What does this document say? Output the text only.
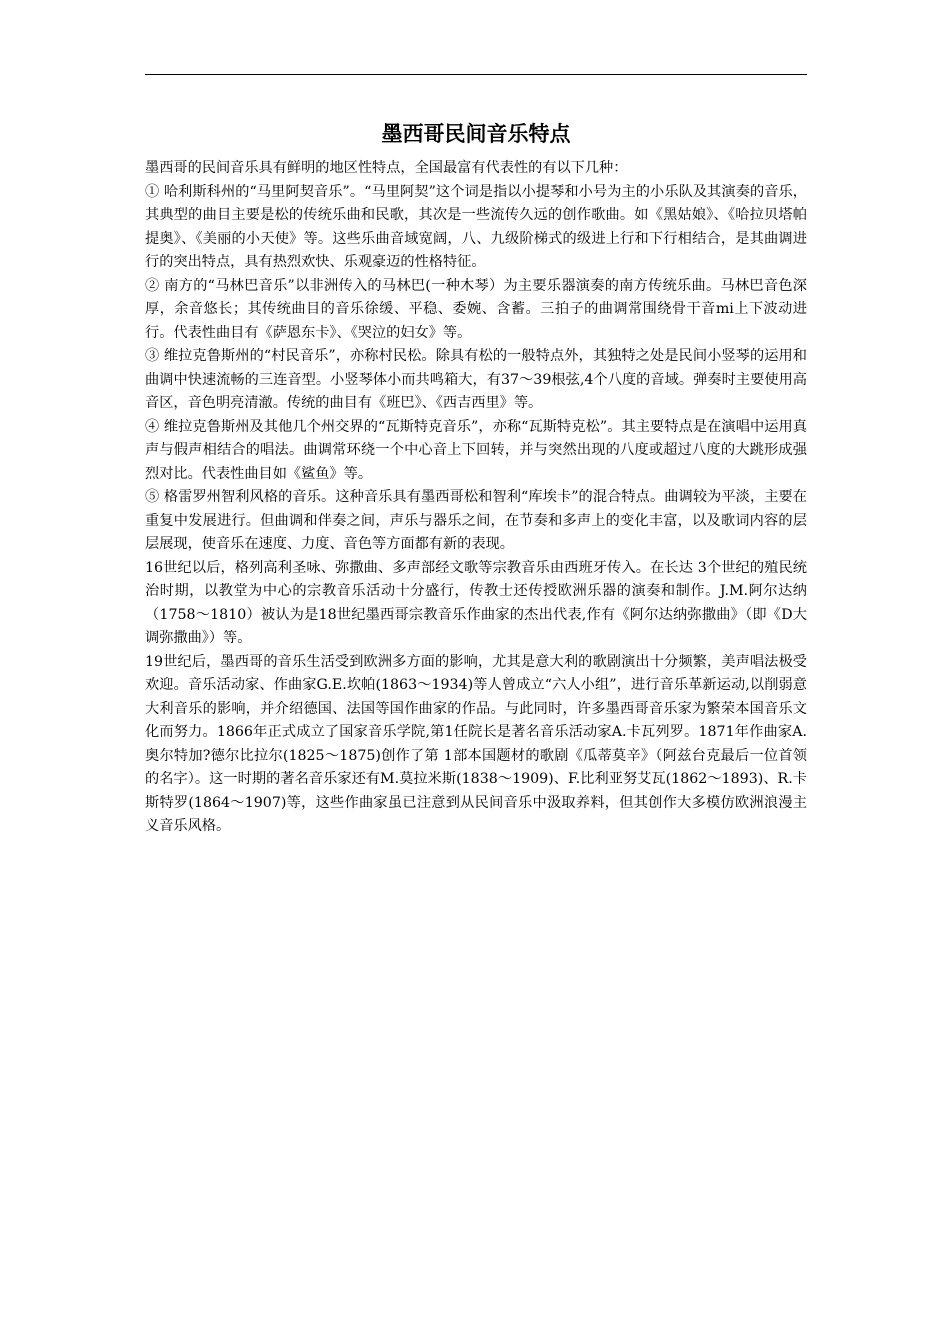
墨西哥民间音乐特点

墨西哥的民间音乐具有鲜明的地区性特点，全国最富有代表性的有以下几种：

① 哈利斯科州的“马里阿契音乐”。“马里阿契”这个词是指以小提琴和小号为主的小乐队及其演奏的音乐，其典型的曲目主要是松的传统乐曲和民歌，其次是一些流传久远的创作歌曲。如《黑姑娘》、《哈拉贝塔帕提奥》、《美丽的小天使》等。这些乐曲音域宽阔，八、九级阶梯式的级进上行和下行相结合，是其曲调进行的突出特点，具有热烈欢快、乐观豪迈的性格特征。

② 南方的“马林巴音乐”以非洲传入的马林巴(一种木琴）为主要乐器演奏的南方传统乐曲。马林巴音色深厚，余音悠长；其传统曲目的音乐徐缓、平稳、委婉、含蓄。三拍子的曲调常围绕骨干音mi上下波动进行。代表性曲目有《萨恩东卡》、《哭泣的妇女》等。

③ 维拉克鲁斯州的“村民音乐”，亦称村民松。除具有松的一般特点外，其独特之处是民间小竖琴的运用和曲调中快速流畅的三连音型。小竖琴体小而共鸣箱大，有37～39根弦,4个八度的音域。弹奏时主要使用高音区，音色明亮清澈。传统的曲目有《班巴》、《西吉西里》等。

④ 维拉克鲁斯州及其他几个州交界的“瓦斯特克音乐”，亦称“瓦斯特克松”。其主要特点是在演唱中运用真声与假声相结合的唱法。曲调常环绕一个中心音上下回转，并与突然出现的八度或超过八度的大跳形成强烈对比。代表性曲目如《鲨鱼》等。

⑤ 格雷罗州智利风格的音乐。这种音乐具有墨西哥松和智利“库埃卡”的混合特点。曲调较为平淡，主要在重复中发展进行。但曲调和伴奏之间，声乐与器乐之间，在节奏和多声上的变化丰富，以及歌词内容的层层展现，使音乐在速度、力度、音色等方面都有新的表现。

16世纪以后，格列高利圣咏、弥撒曲、多声部经文歌等宗教音乐由西班牙传入。在长达 3个世纪的殖民统治时期，以教堂为中心的宗教音乐活动十分盛行，传教士还传授欧洲乐器的演奏和制作。J.M.阿尔达纳（1758～1810）被认为是18世纪墨西哥宗教音乐作曲家的杰出代表,作有《阿尔达纳弥撒曲》（即《D大调弥撒曲》）等。

19世纪后，墨西哥的音乐生活受到欧洲多方面的影响，尤其是意大利的歌剧演出十分频繁，美声唱法极受欢迎。音乐活动家、作曲家G.E.坎帕(1863～1934)等人曾成立“六人小组”，进行音乐革新运动,以削弱意大利音乐的影响，并介绍德国、法国等国作曲家的作品。与此同时，许多墨西哥音乐家为繁荣本国音乐文化而努力。1866年正式成立了国家音乐学院,第1任院长是著名音乐活动家A.卡瓦列罗。1871年作曲家A.奥尔特加?德尔比拉尔(1825～1875)创作了第 1部本国题材的歌剧《瓜蒂莫辛》（阿兹台克最后一位首领的名字）。这一时期的著名音乐家还有M.莫拉米斯(1838～1909)、F.比利亚努艾瓦(1862～1893)、R.卡斯特罗(1864～1907)等，这些作曲家虽已注意到从民间音乐中汲取养料，但其创作大多模仿欧洲浪漫主义音乐风格。
